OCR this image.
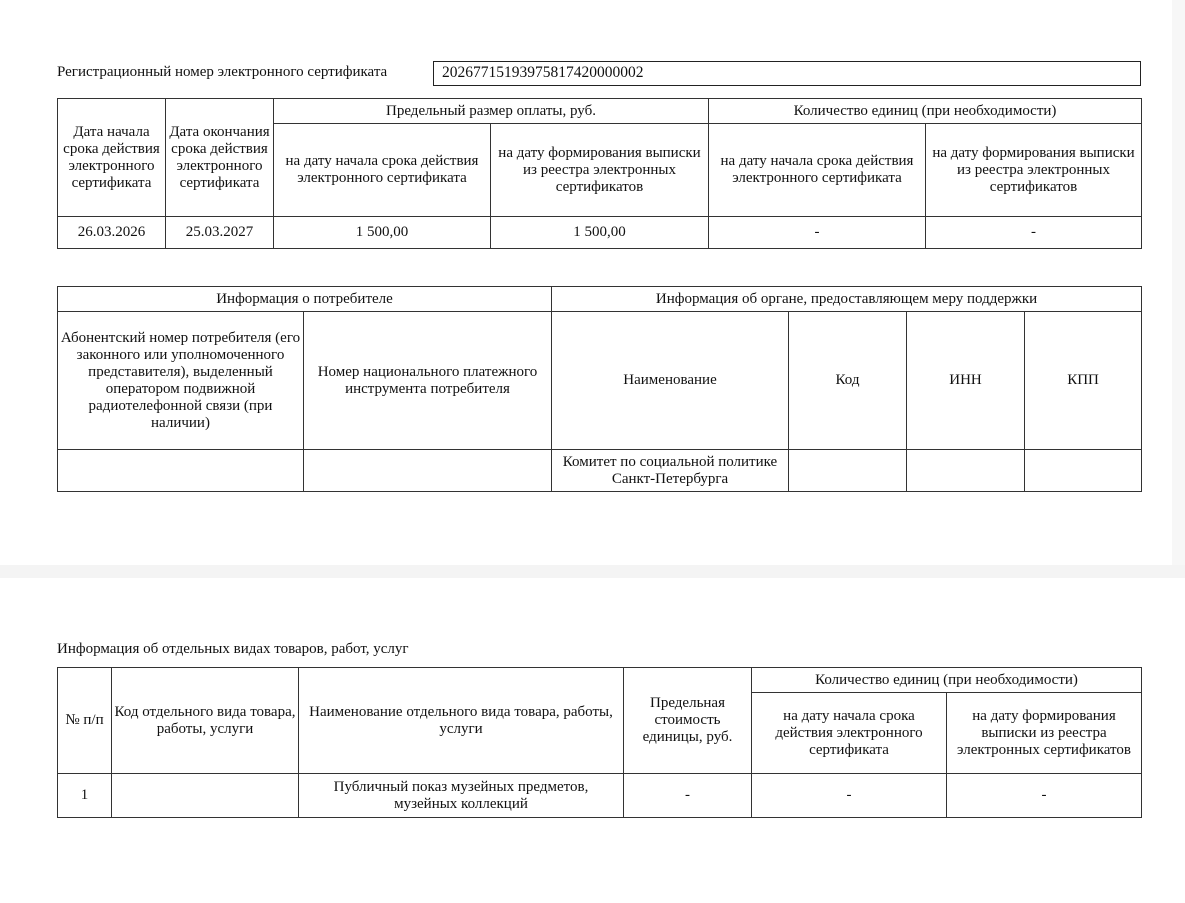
Регистрационный номер электронного сертификата	20267715193975817420000002
Дата начала срока действия электронного сертификата	Дата окончания срока действия электронного сертификата	Предельный размер оплаты, руб.		Количество единиц (при необходимости)	
		на дату начала срока действия электронного сертификата	на дату формирования выписки из реестра электронных сертификатов	на дату начала срока действия электронного сертификата	на дату формирования выписки из реестра электронных сертификатов
26.03.2026	25.03.2027	1 500,00	1 500,00	-	-
Информация о потребителе		Информация об органе, предоставляющем меру поддержки			
Абонентский номер потребителя (его законного или уполномоченного представителя), выделенный оператором подвижной радиотелефонной связи (при наличии)	Номер национального платежного инструмента потребителя	Наименование	Код	ИНН	КПП
		Комитет по социальной политике Санкт-Петербурга			
Информация об отдельных видах товаров, работ, услуг
№ п/п	Код отдельного вида товара, работы, услуги	Наименование отдельного вида товара, работы, услуги	Предельная стоимость единицы, руб.	Количество единиц (при необходимости)	
				на дату начала срока действия электронного сертификата	на дату формирования выписки из реестра электронных сертификатов
1		Публичный показ музейных предметов, музейных коллекций	-	-	-
